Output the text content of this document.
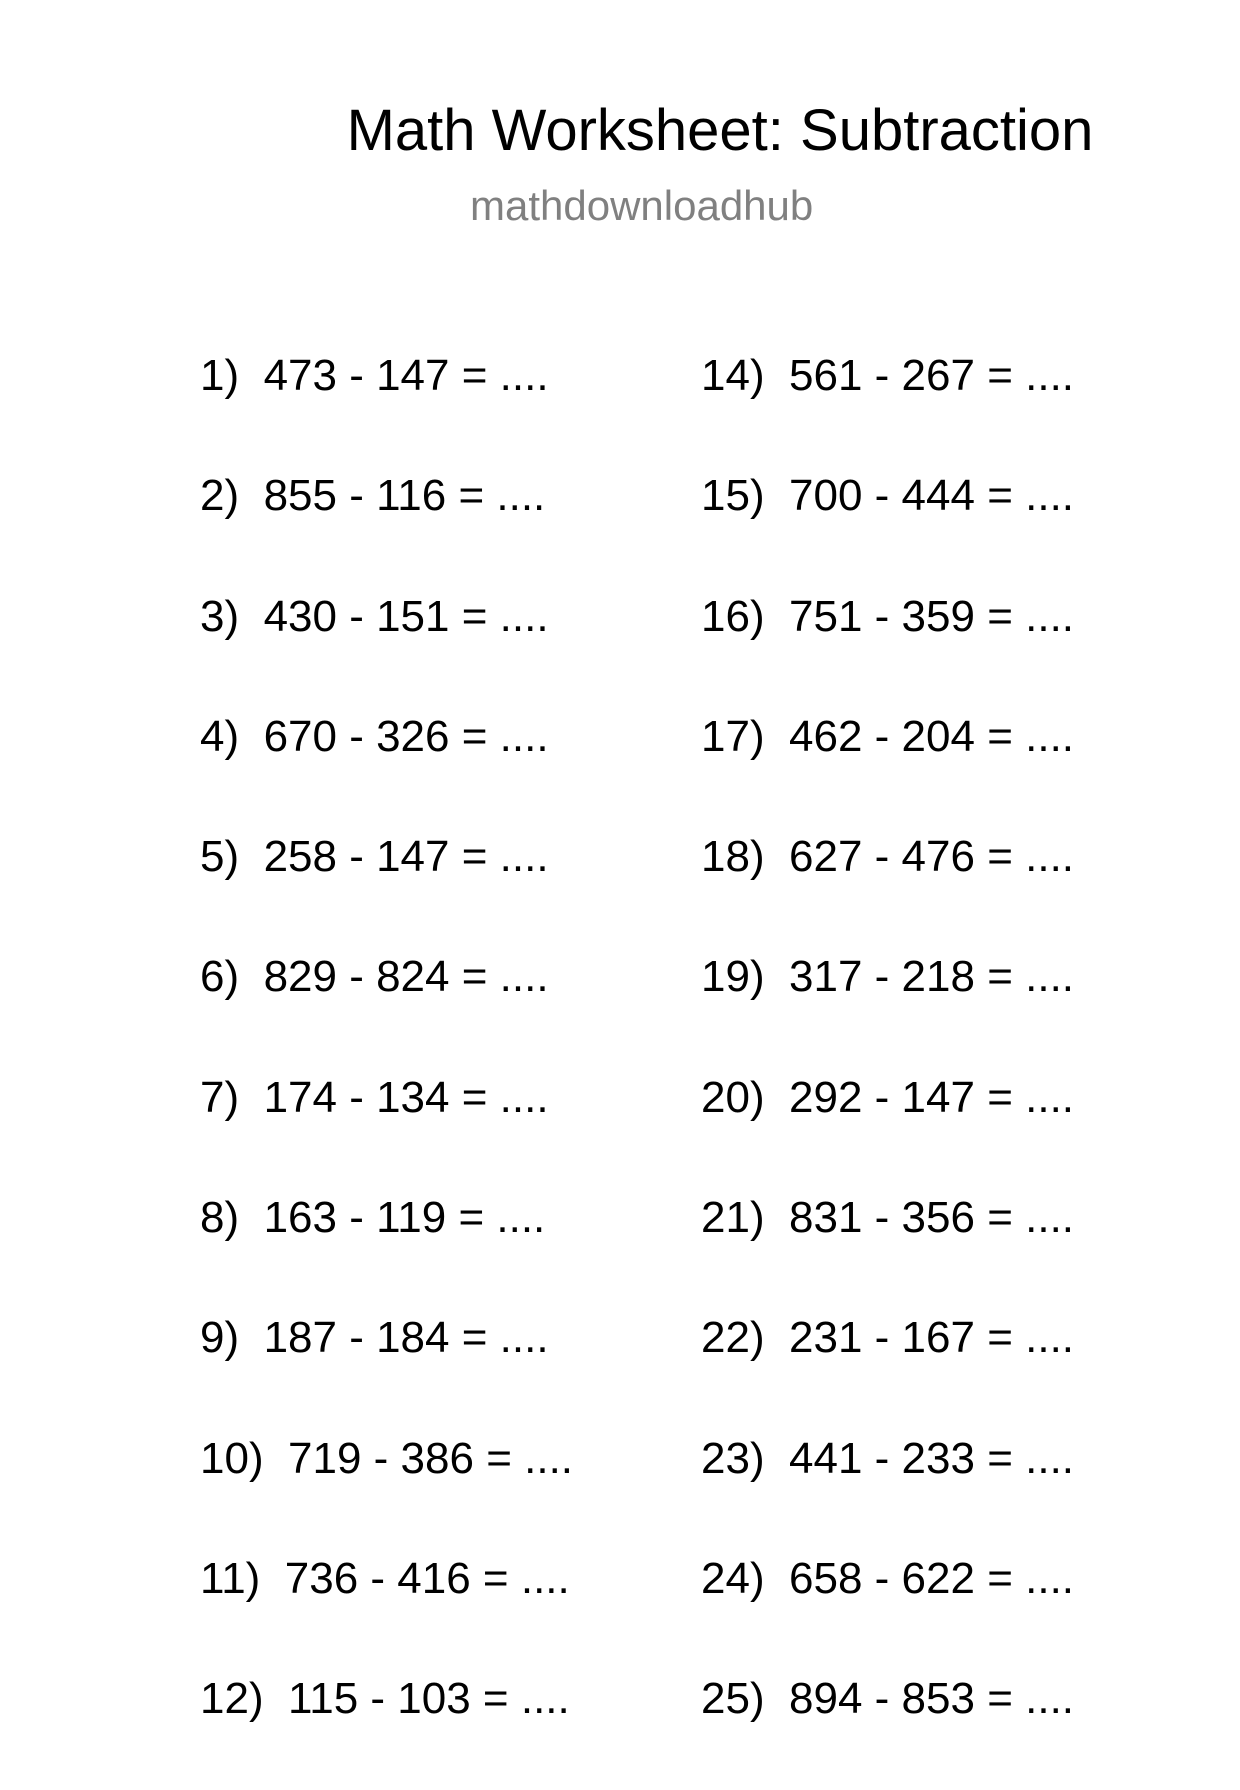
Math Worksheet: Subtraction
mathdownloadhub
1)  473 - 147 = ....
2)  855 - 116 = ....
3)  430 - 151 = ....
4)  670 - 326 = ....
5)  258 - 147 = ....
6)  829 - 824 = ....
7)  174 - 134 = ....
8)  163 - 119 = ....
9)  187 - 184 = ....
10)  719 - 386 = ....
11)  736 - 416 = ....
12)  115 - 103 = ....
14)  561 - 267 = ....
15)  700 - 444 = ....
16)  751 - 359 = ....
17)  462 - 204 = ....
18)  627 - 476 = ....
19)  317 - 218 = ....
20)  292 - 147 = ....
21)  831 - 356 = ....
22)  231 - 167 = ....
23)  441 - 233 = ....
24)  658 - 622 = ....
25)  894 - 853 = ....
